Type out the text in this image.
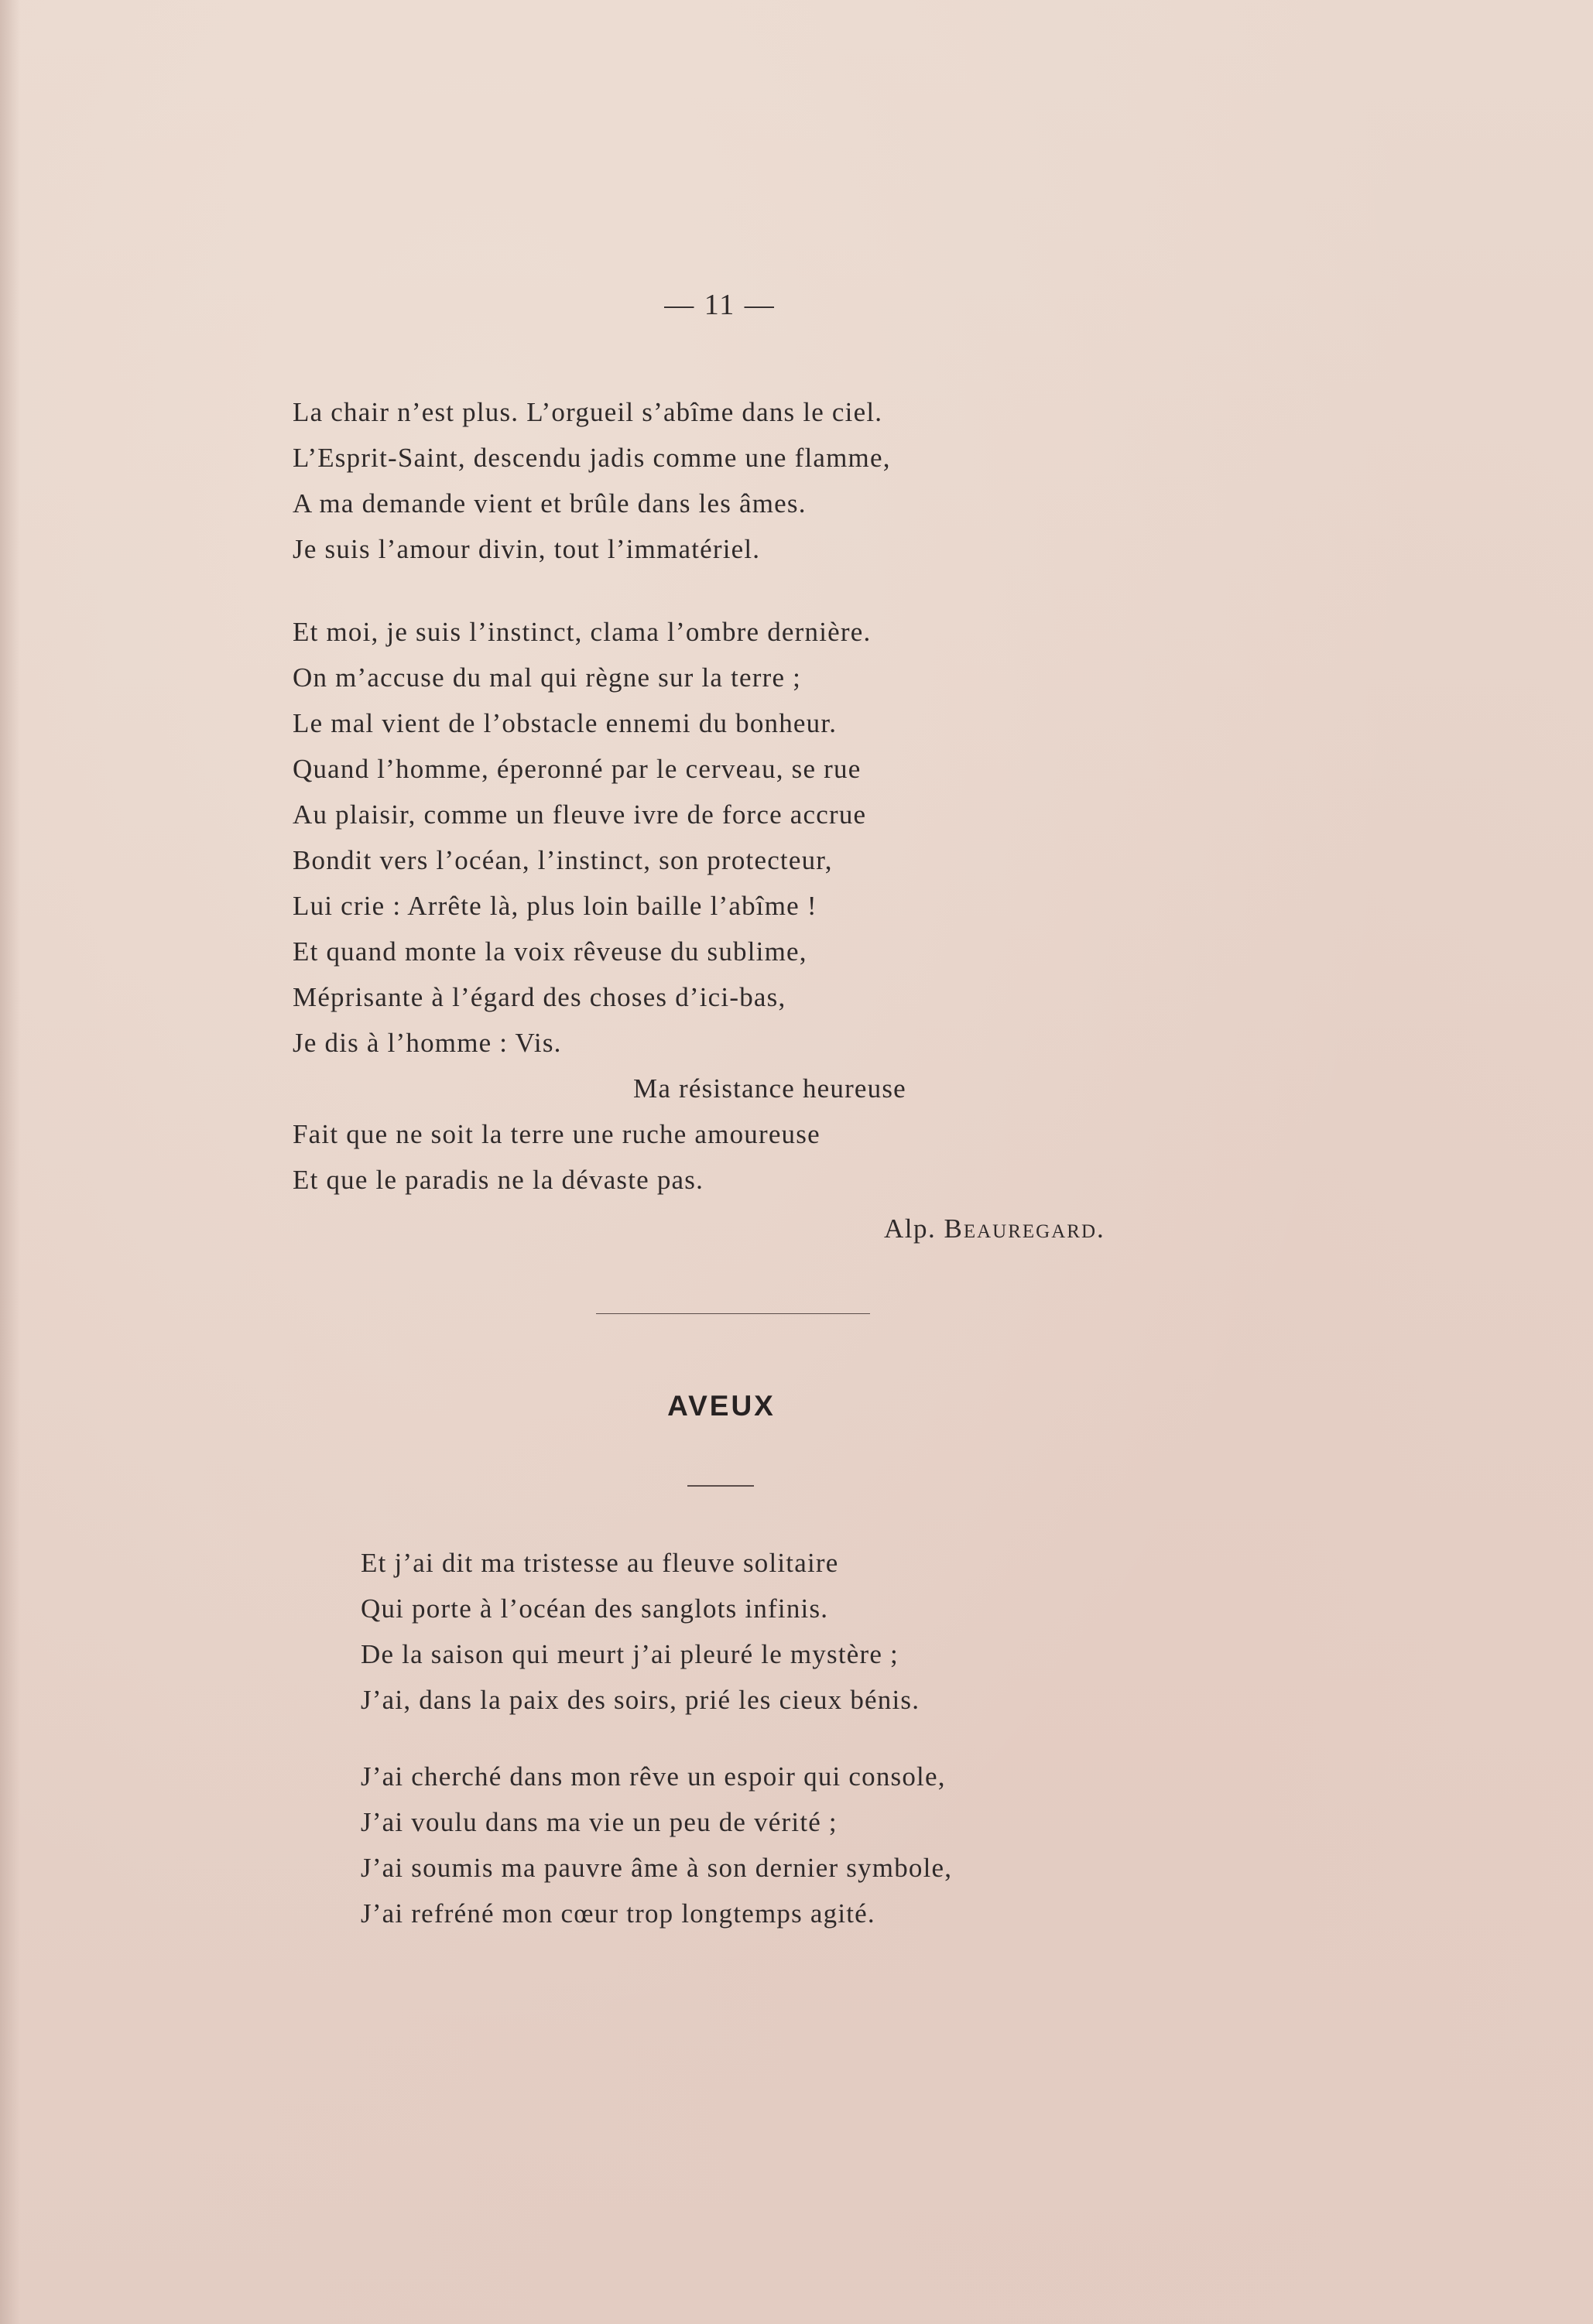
— 11 —
La chair n’est plus. L’orgueil s’abîme dans le ciel.
L’Esprit-Saint, descendu jadis comme une flamme,
A ma demande vient et brûle dans les âmes.
Je suis l’amour divin, tout l’immatériel.
Et moi, je suis l’instinct, clama l’ombre dernière.
On m’accuse du mal qui règne sur la terre ;
Le mal vient de l’obstacle ennemi du bonheur.
Quand l’homme, éperonné par le cerveau, se rue
Au plaisir, comme un fleuve ivre de force accrue
Bondit vers l’océan, l’instinct, son protecteur,
Lui crie : Arrête là, plus loin baille l’abîme !
Et quand monte la voix rêveuse du sublime,
Méprisante à l’égard des choses d’ici-bas,
Je dis à l’homme : Vis.
Ma résistance heureuse
Fait que ne soit la terre une ruche amoureuse
Et que le paradis ne la dévaste pas.
Alp. Beauregard.
AVEUX
Et j’ai dit ma tristesse au fleuve solitaire
Qui porte à l’océan des sanglots infinis.
De la saison qui meurt j’ai pleuré le mystère ;
J’ai, dans la paix des soirs, prié les cieux bénis.
J’ai cherché dans mon rêve un espoir qui console,
J’ai voulu dans ma vie un peu de vérité ;
J’ai soumis ma pauvre âme à son dernier symbole,
J’ai refréné mon cœur trop longtemps agité.
